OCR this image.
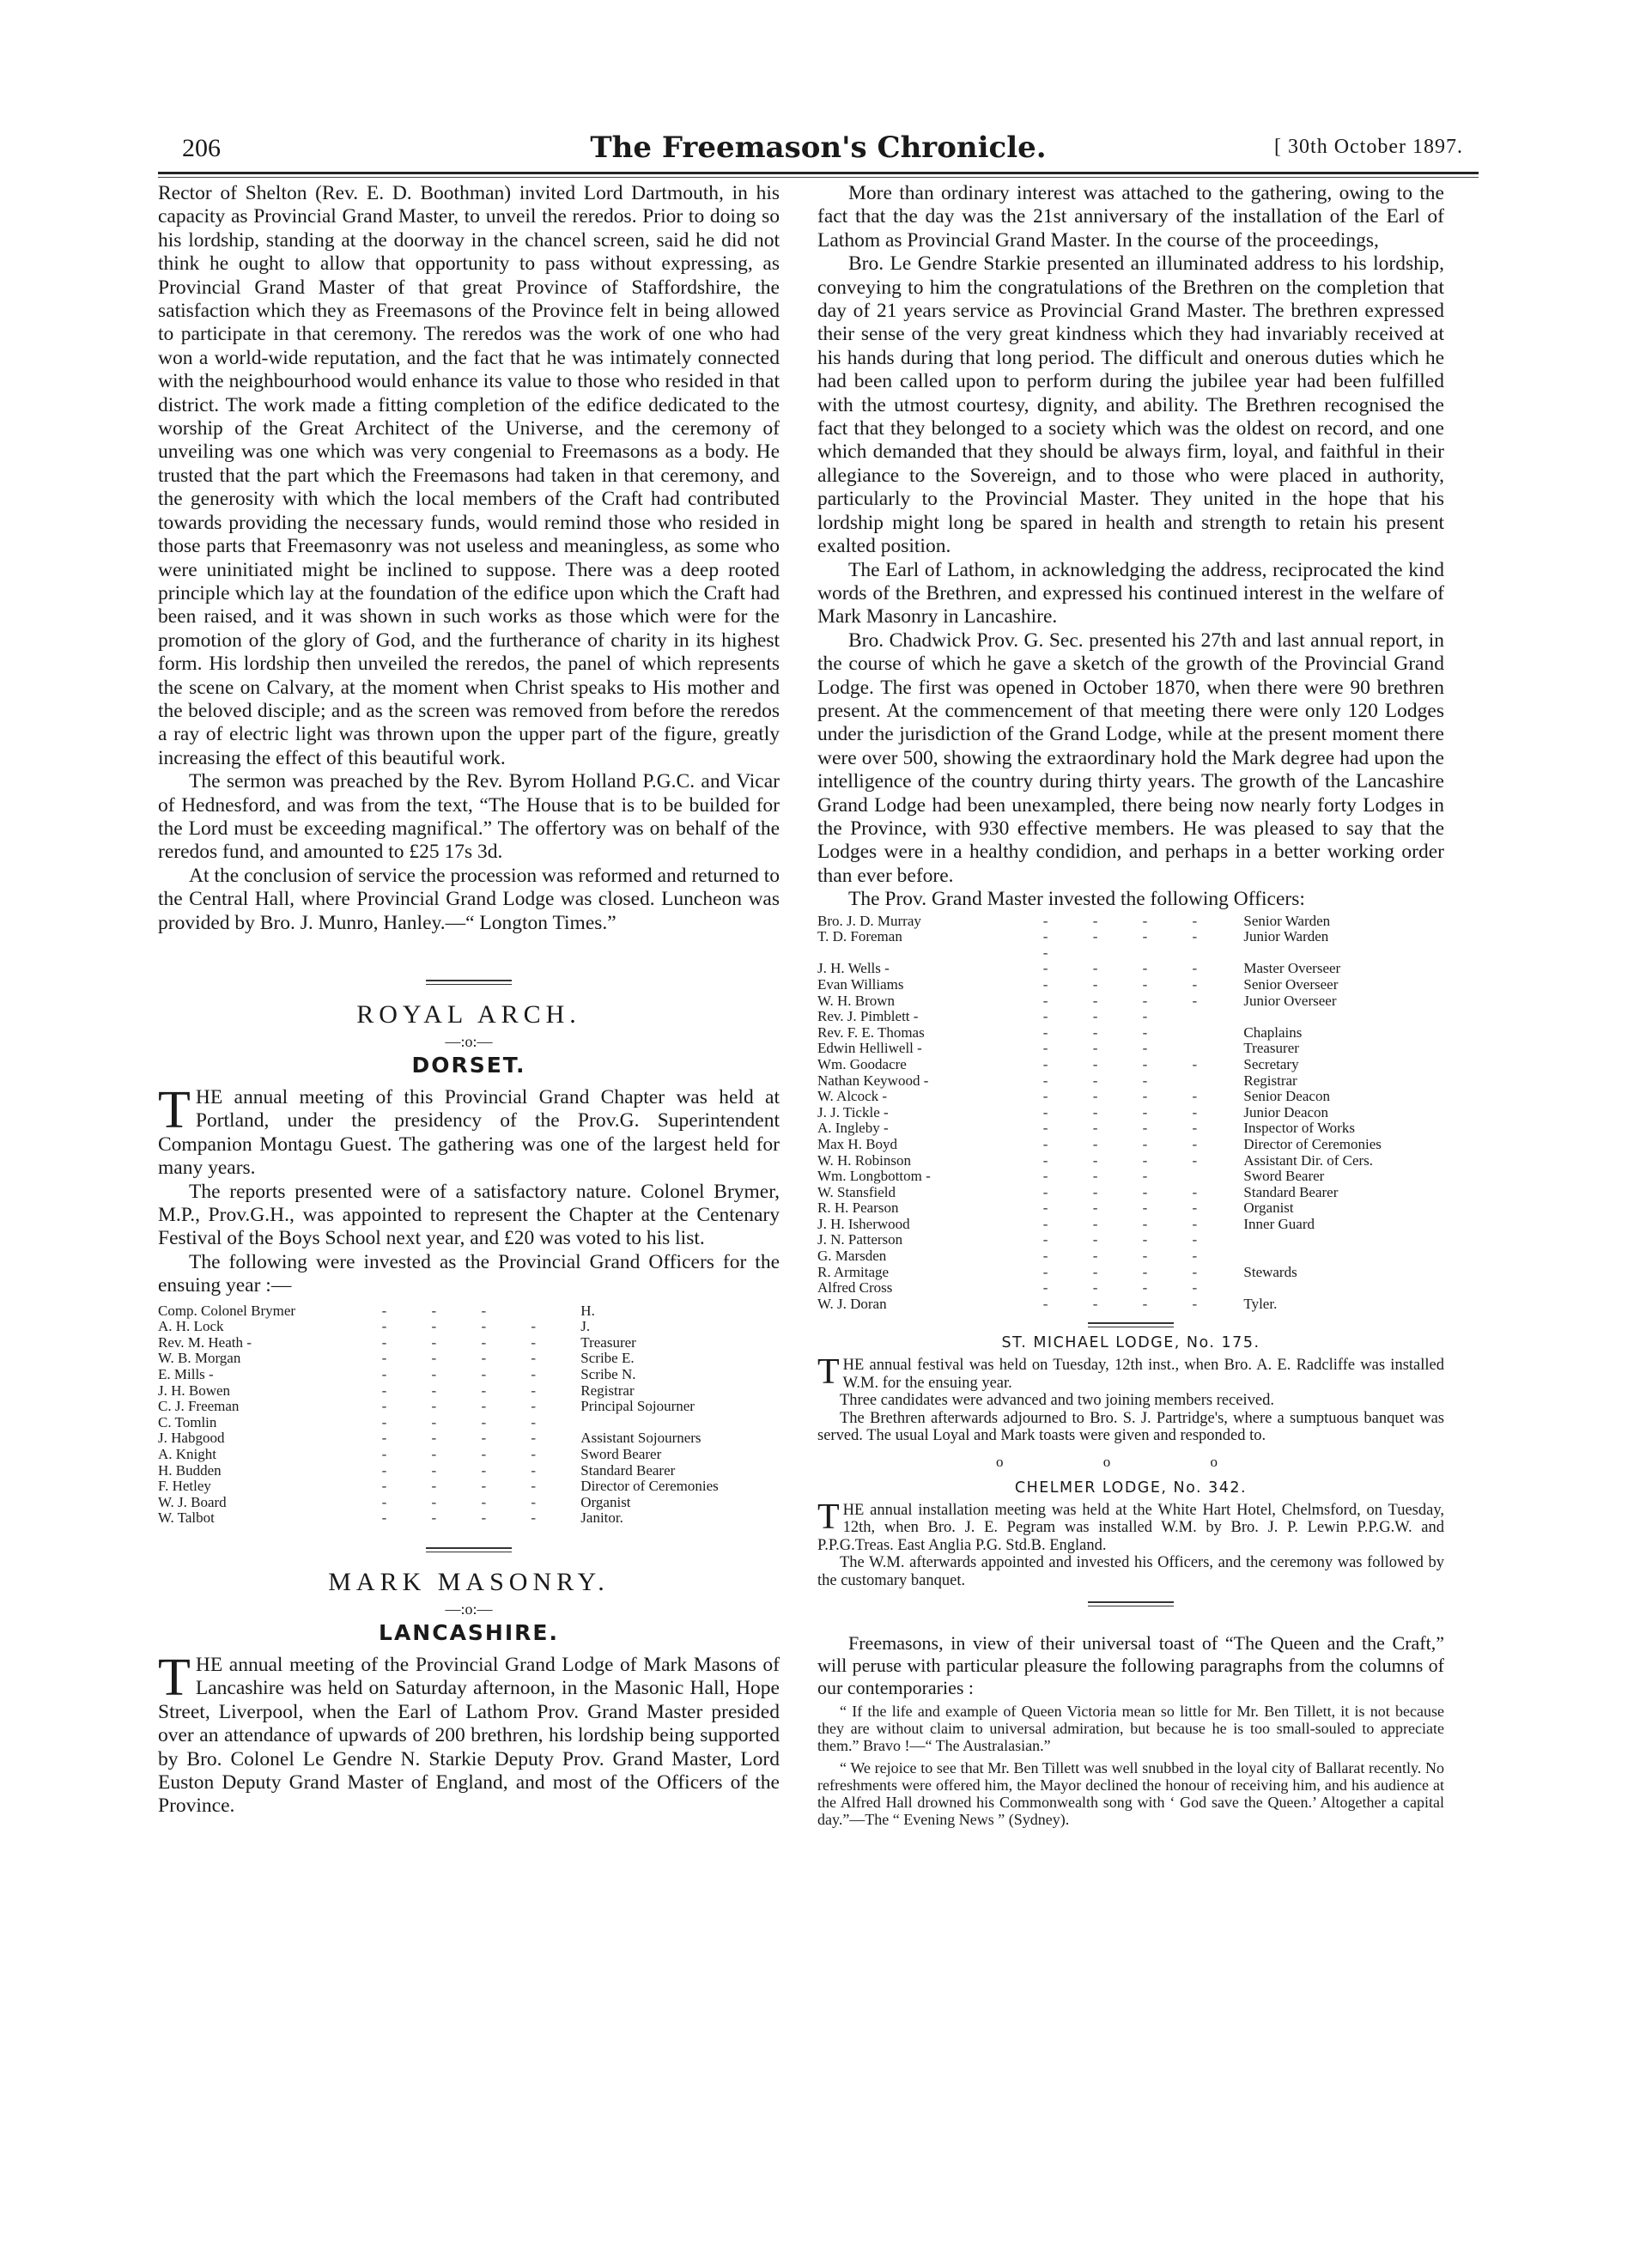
206	The Freemason's Chronicle.	[ 30th October 1897.

Rector of Shelton (Rev. E. D. Boothman) invited Lord Dartmouth, in his capacity as Provincial Grand Master, to unveil the reredos. Prior to doing so his lordship, standing at the doorway in the chancel screen, said he did not think he ought to allow that opportunity to pass without expressing, as Provincial Grand Master of that great Province of Staffordshire, the satisfaction which they as Freemasons of the Province felt in being allowed to participate in that ceremony. The reredos was the work of one who had won a world-wide reputation, and the fact that he was intimately connected with the neighbourhood would enhance its value to those who resided in that district. The work made a fitting completion of the edifice dedicated to the worship of the Great Architect of the Universe, and the ceremony of unveiling was one which was very congenial to Freemasons as a body. He trusted that the part which the Freemasons had taken in that ceremony, and the generosity with which the local members of the Craft had contributed towards providing the necessary funds, would remind those who resided in those parts that Freemasonry was not useless and meaningless, as some who were uninitiated might be inclined to suppose. There was a deep rooted principle which lay at the foundation of the edifice upon which the Craft had been raised, and it was shown in such works as those which were for the promotion of the glory of God, and the furtherance of charity in its highest form. His lordship then unveiled the reredos, the panel of which represents the scene on Calvary, at the moment when Christ speaks to His mother and the beloved disciple; and as the screen was removed from before the reredos a ray of electric light was thrown upon the upper part of the figure, greatly increasing the effect of this beautiful work.

The sermon was preached by the Rev. Byrom Holland P.G.C. and Vicar of Hednesford, and was from the text, “The House that is to be builded for the Lord must be exceeding magnifical.” The offertory was on behalf of the reredos fund, and amounted to £25 17s 3d.

At the conclusion of service the procession was reformed and returned to the Central Hall, where Provincial Grand Lodge was closed. Luncheon was provided by Bro. J. Munro, Hanley.—“ Longton Times.”

ROYAL ARCH.
—:o:—
DORSET.
T HE annual meeting of this Provincial Grand Chapter was held at Portland, under the presidency of the Prov.G. Superintendent Companion Montagu Guest. The gathering was one of the largest held for many years.

The reports presented were of a satisfactory nature. Colonel Brymer, M.P., Prov.G.H., was appointed to represent the Chapter at the Centenary Festival of the Boys School next year, and £20 was voted to his list.

The following were invested as the Provincial Grand Officers for the ensuing year :—

Comp. Colonel Brymer	- - -	H.
A. H. Lock	- - - -	J.
Rev. M. Heath -	- - - -	Treasurer
W. B. Morgan	- - - -	Scribe E.
E. Mills -	- - - -	Scribe N.
J. H. Bowen	- - - -	Registrar
C. J. Freeman	- - - -	Principal Sojourner
C. Tomlin	- - - -	
J. Habgood	- - - -	Assistant Sojourners
A. Knight	- - - -	Sword Bearer
H. Budden	- - - -	Standard Bearer
F. Hetley	- - - -	Director of Ceremonies
W. J. Board	- - - -	Organist
W. Talbot	- - - -	Janitor.
MARK MASONRY.
—:o:—
LANCASHIRE.
T HE annual meeting of the Provincial Grand Lodge of Mark Masons of Lancashire was held on Saturday afternoon, in the Masonic Hall, Hope Street, Liverpool, when the Earl of Lathom Prov. Grand Master presided over an attendance of upwards of 200 brethren, his lordship being supported by Bro. Colonel Le Gendre N. Starkie Deputy Prov. Grand Master, Lord Euston Deputy Grand Master of England, and most of the Officers of the Province.

More than ordinary interest was attached to the gathering, owing to the fact that the day was the 21st anniversary of the installation of the Earl of Lathom as Provincial Grand Master. In the course of the proceedings,

Bro. Le Gendre Starkie presented an illuminated address to his lordship, conveying to him the congratulations of the Brethren on the completion that day of 21 years service as Provincial Grand Master. The brethren expressed their sense of the very great kindness which they had invariably received at his hands during that long period. The difficult and onerous duties which he had been called upon to perform during the jubilee year had been fulfilled with the utmost courtesy, dignity, and ability. The Brethren recognised the fact that they belonged to a society which was the oldest on record, and one which demanded that they should be always firm, loyal, and faithful in their allegiance to the Sovereign, and to those who were placed in authority, particularly to the Provincial Master. They united in the hope that his lordship might long be spared in health and strength to retain his present exalted position.

The Earl of Lathom, in acknowledging the address, reciprocated the kind words of the Brethren, and expressed his continued interest in the welfare of Mark Masonry in Lancashire.

Bro. Chadwick Prov. G. Sec. presented his 27th and last annual report, in the course of which he gave a sketch of the growth of the Provincial Grand Lodge. The first was opened in October 1870, when there were 90 brethren present. At the commencement of that meeting there were only 120 Lodges under the jurisdiction of the Grand Lodge, while at the present moment there were over 500, showing the extraordinary hold the Mark degree had upon the intelligence of the country during thirty years. The growth of the Lancashire Grand Lodge had been unexampled, there being now nearly forty Lodges in the Province, with 930 effective members. He was pleased to say that the Lodges were in a healthy condidion, and perhaps in a better working order than ever before.

The Prov. Grand Master invested the following Officers:

Bro. J. D. Murray	- - - -	Senior Warden
T. D. Foreman	- - - - -	Junior Warden
J. H. Wells -	- - - -	Master Overseer
Evan Williams	- - - -	Senior Overseer
W. H. Brown	- - - -	Junior Overseer
Rev. J. Pimblett -	- - -	
Rev. F. E. Thomas	- - -	Chaplains
Edwin Helliwell -	- - -	Treasurer
Wm. Goodacre	- - - -	Secretary
Nathan Keywood -	- - -	Registrar
W. Alcock -	- - - -	Senior Deacon
J. J. Tickle -	- - - -	Junior Deacon
A. Ingleby -	- - - -	Inspector of Works
Max H. Boyd	- - - -	Director of Ceremonies
W. H. Robinson	- - - -	Assistant Dir. of Cers.
Wm. Longbottom -	- - -	Sword Bearer
W. Stansfield	- - - -	Standard Bearer
R. H. Pearson	- - - -	Organist
J. H. Isherwood	- - - -	Inner Guard
J. N. Patterson	- - - -	
G. Marsden	- - - -	
R. Armitage	- - - -	Stewards
Alfred Cross	- - - -	
W. J. Doran	- - - -	Tyler.
ST. MICHAEL LODGE, No. 175.
T HE annual festival was held on Tuesday, 12th inst., when Bro. A. E. Radcliffe was installed W.M. for the ensuing year.

Three candidates were advanced and two joining members received.

The Brethren afterwards adjourned to Bro. S. J. Partridge's, where a sumptuous banquet was served. The usual Loyal and Mark toasts were given and responded to.

o o o
CHELMER LODGE, No. 342.
T HE annual installation meeting was held at the White Hart Hotel, Chelmsford, on Tuesday, 12th, when Bro. J. E. Pegram was installed W.M. by Bro. J. P. Lewin P.P.G.W. and P.P.G.Treas. East Anglia P.G. Std.B. England.

The W.M. afterwards appointed and invested his Officers, and the ceremony was followed by the customary banquet.

Freemasons, in view of their universal toast of “The Queen and the Craft,” will peruse with particular pleasure the following paragraphs from the columns of our contemporaries :

“ If the life and example of Queen Victoria mean so little for Mr. Ben Tillett, it is not because they are without claim to universal admiration, but because he is too small-souled to appreciate them.” Bravo !—“ The Australasian.”

“ We rejoice to see that Mr. Ben Tillett was well snubbed in the loyal city of Ballarat recently. No refreshments were offered him, the Mayor declined the honour of receiving him, and his audience at the Alfred Hall drowned his Commonwealth song with ‘ God save the Queen.’ Altogether a capital day.”—The “ Evening News ” (Sydney).
